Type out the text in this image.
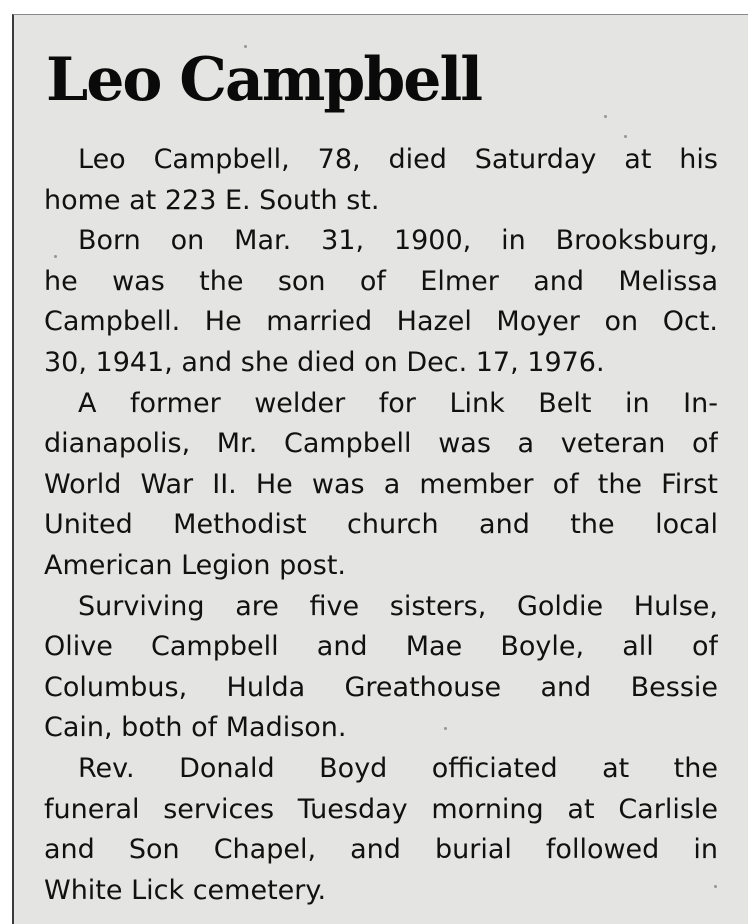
Leo Campbell

Leo Campbell, 78, died Saturday at his
home at 223 E. South st.

Born on Mar. 31, 1900, in Brooksburg,
he was the son of Elmer and Melissa
Campbell. He married Hazel Moyer on Oct.
30, 1941, and she died on Dec. 17, 1976.

A former welder for Link Belt in In-
dianapolis, Mr. Campbell was a veteran of
World War II. He was a member of the First
United Methodist church and the local
American Legion post.

Surviving are five sisters, Goldie Hulse,
Olive Campbell and Mae Boyle, all of
Columbus, Hulda Greathouse and Bessie
Cain, both of Madison.

Rev. Donald Boyd officiated at the
funeral services Tuesday morning at Carlisle
and Son Chapel, and burial followed in
White Lick cemetery.
